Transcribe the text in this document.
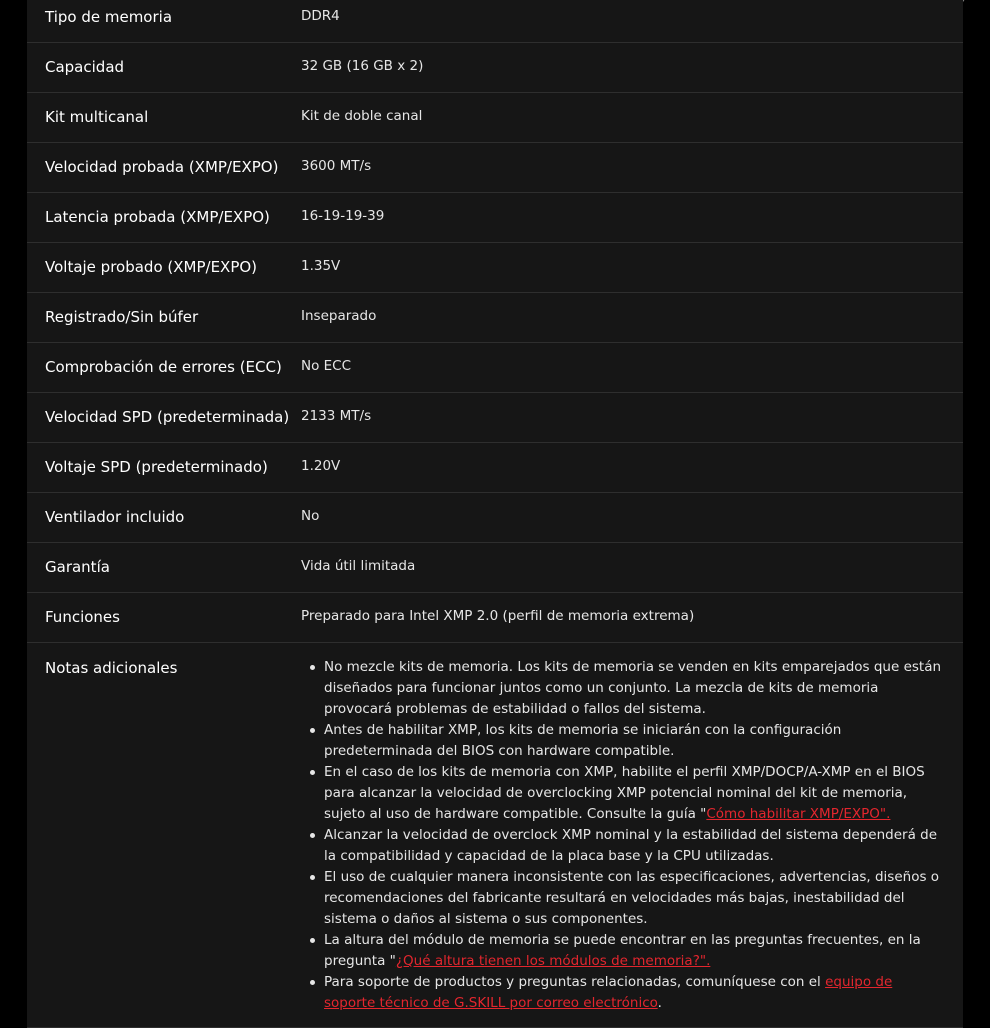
Tipo de memoria	DDR4
Capacidad	32 GB (16 GB x 2)
Kit multicanal	Kit de doble canal
Velocidad probada (XMP/EXPO)	3600 MT/s
Latencia probada (XMP/EXPO)	16-19-19-39
Voltaje probado (XMP/EXPO)	1.35V
Registrado/Sin búfer	Inseparado
Comprobación de errores (ECC)	No ECC
Velocidad SPD (predeterminada) 2133 MT/s
Voltaje SPD (predeterminado)	1.20V
Ventilador incluido	No
Garantía	Vida útil limitada
Funciones	Preparado para Intel XMP 2.0 (perfil de memoria extrema)
Notas adicionales	No mezcle kits de memoria. Los kits de memoria se venden en kits emparejados que están diseñados para funcionar juntos como un conjunto. La mezcla de kits de memoria provocará problemas de estabilidad o fallos del sistema.
Antes de habilitar XMP, los kits de memoria se iniciarán con la configuración predeterminada del BIOS con hardware compatible.
En el caso de los kits de memoria con XMP, habilite el perfil XMP/DOCP/A-XMP en el BIOS para alcanzar la velocidad de overclocking XMP potencial nominal del kit de memoria, sujeto al uso de hardware compatible. Consulte la guía "Cómo habilitar XMP/EXPO".
Alcanzar la velocidad de overclock XMP nominal y la estabilidad del sistema dependerá de la compatibilidad y capacidad de la placa base y la CPU utilizadas.
El uso de cualquier manera inconsistente con las especificaciones, advertencias, diseños o recomendaciones del fabricante resultará en velocidades más bajas, inestabilidad del sistema o daños al sistema o sus componentes.
La altura del módulo de memoria se puede encontrar en las preguntas frecuentes, en la pregunta "¿Qué altura tienen los módulos de memoria?".
Para soporte de productos y preguntas relacionadas, comuníquese con el equipo de soporte técnico de G.SKILL por correo electrónico.
